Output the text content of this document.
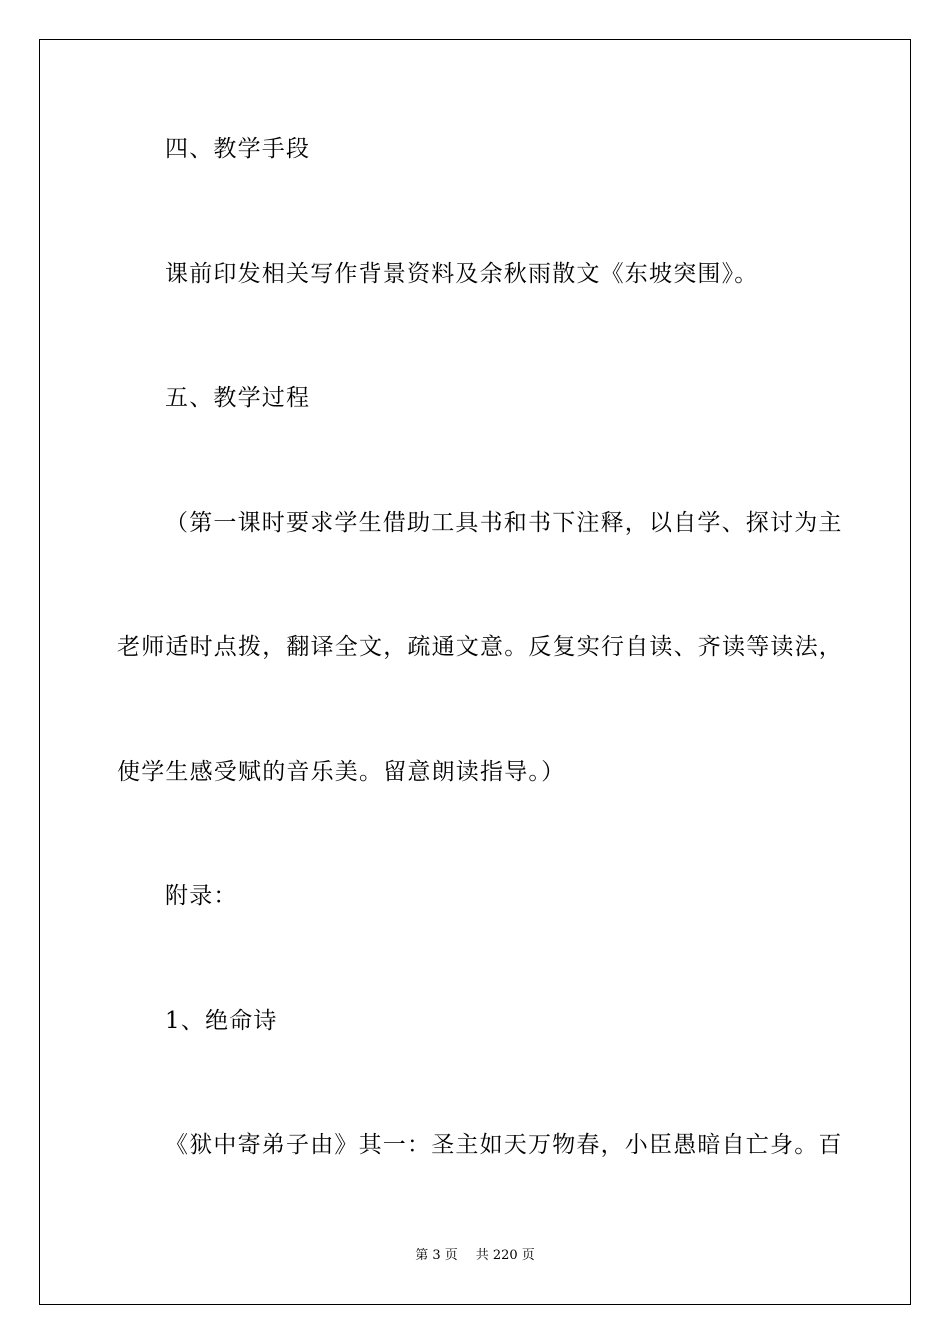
四、教学手段

课前印发相关写作背景资料及余秋雨散文《东坡突围》。

五、教学过程

（第一课时要求学生借助工具书和书下注释，以自学、探讨为主

老师适时点拨，翻译全文，疏通文意。反复实行自读、齐读等读法，

使学生感受赋的音乐美。留意朗读指导。）

附录：

1、绝命诗

《狱中寄弟子由》其一：圣主如天万物春，小臣愚暗自亡身。百

第 3 页 共 220 页
